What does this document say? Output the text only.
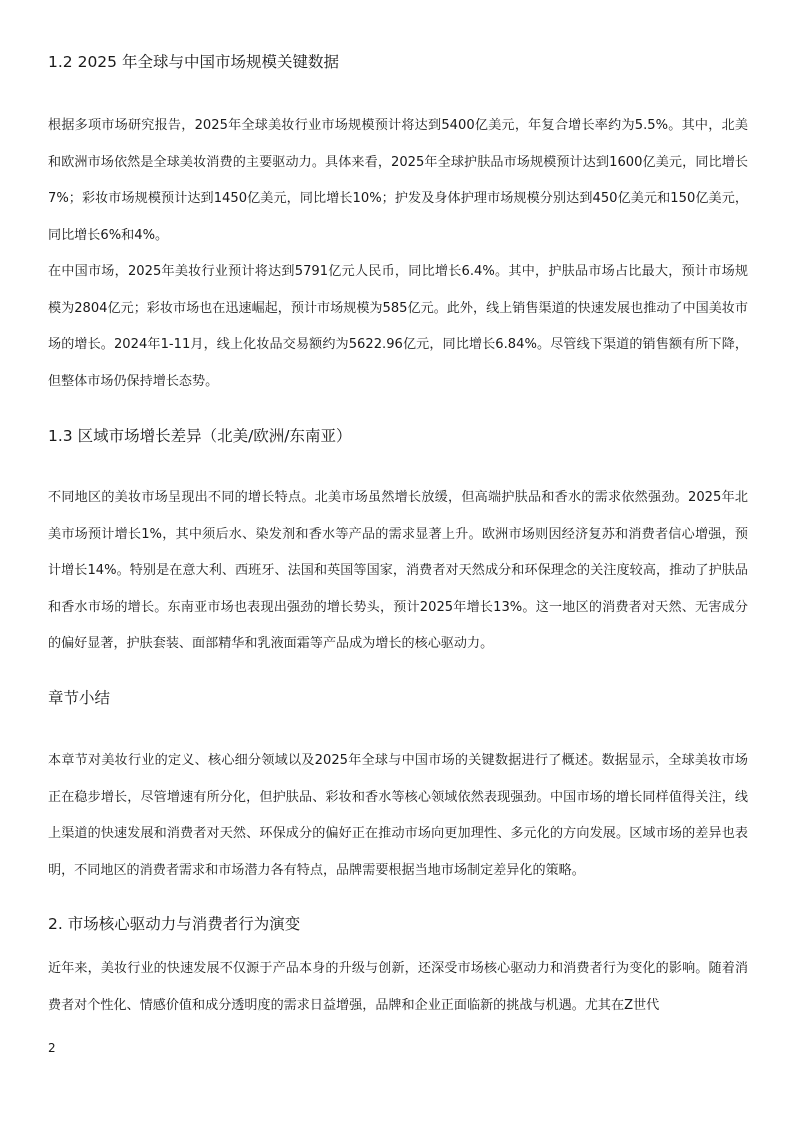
1.2 2025 年全球与中国市场规模关键数据

根据多项市场研究报告，2025年全球美妆行业市场规模预计将达到5400亿美元，年复合增长率约为5.5%。其中，北美和欧洲市场依然是全球美妆消费的主要驱动力。具体来看，2025年全球护肤品市场规模预计达到1600亿美元，同比增长7%；彩妆市场规模预计达到1450亿美元，同比增长10%；护发及身体护理市场规模分别达到450亿美元和150亿美元，同比增长6%和4%。

在中国市场，2025年美妆行业预计将达到5791亿元人民币，同比增长6.4%。其中，护肤品市场占比最大，预计市场规模为2804亿元；彩妆市场也在迅速崛起，预计市场规模为585亿元。此外，线上销售渠道的快速发展也推动了中国美妆市场的增长。2024年1-11月，线上化妆品交易额约为5622.96亿元，同比增长6.84%。尽管线下渠道的销售额有所下降，但整体市场仍保持增长态势。

1.3 区域市场增长差异（北美/欧洲/东南亚）

不同地区的美妆市场呈现出不同的增长特点。北美市场虽然增长放缓，但高端护肤品和香水的需求依然强劲。2025年北美市场预计增长1%，其中须后水、染发剂和香水等产品的需求显著上升。欧洲市场则因经济复苏和消费者信心增强，预计增长14%。特别是在意大利、西班牙、法国和英国等国家，消费者对天然成分和环保理念的关注度较高，推动了护肤品和香水市场的增长。东南亚市场也表现出强劲的增长势头，预计2025年增长13%。这一地区的消费者对天然、无害成分的偏好显著，护肤套装、面部精华和乳液面霜等产品成为增长的核心驱动力。

章节小结

本章节对美妆行业的定义、核心细分领域以及2025年全球与中国市场的关键数据进行了概述。数据显示，全球美妆市场正在稳步增长，尽管增速有所分化，但护肤品、彩妆和香水等核心领域依然表现强劲。中国市场的增长同样值得关注，线上渠道的快速发展和消费者对天然、环保成分的偏好正在推动市场向更加理性、多元化的方向发展。区域市场的差异也表明，不同地区的消费者需求和市场潜力各有特点，品牌需要根据当地市场制定差异化的策略。

2. 市场核心驱动力与消费者行为演变

近年来，美妆行业的快速发展不仅源于产品本身的升级与创新，还深受市场核心驱动力和消费者行为变化的影响。随着消费者对个性化、情感价值和成分透明度的需求日益增强，品牌和企业正面临新的挑战与机遇。尤其在Z世代

2
